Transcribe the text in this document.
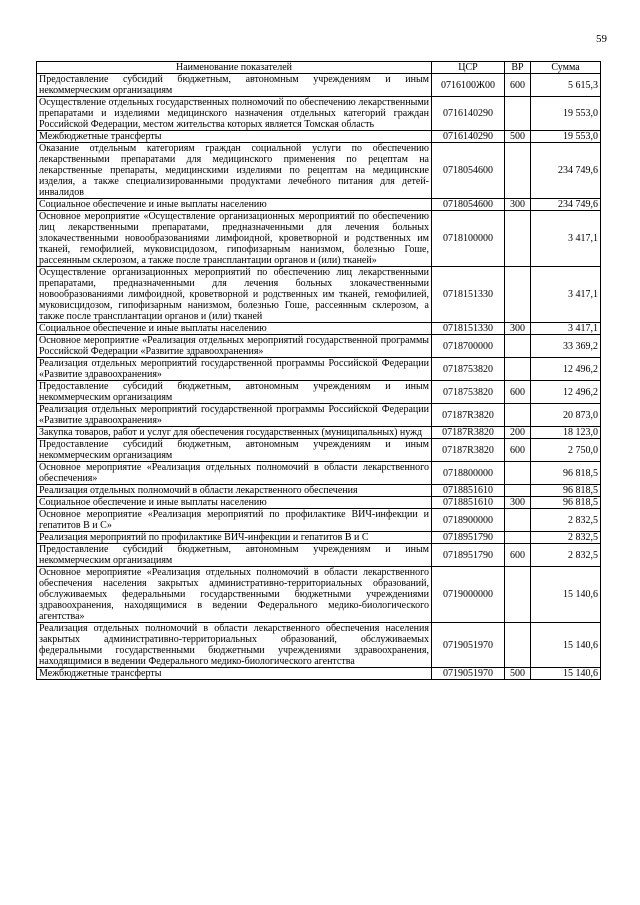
59
Наименование показателей	ЦСР	ВР	Сумма
Предоставление субсидий бюджетным, автономным учреждениям и иным некоммерческим организациям	0716100Ж00	600	5 615,3
Осуществление отдельных государственных полномочий по обеспечению лекарственными препаратами и изделиями медицинского назначения отдельных категорий граждан Российской Федерации, местом жительства которых является Томская область	0716140290		19 553,0
Межбюджетные трансферты	0716140290	500	19 553,0
Оказание отдельным категориям граждан социальной услуги по обеспечению лекарственными препаратами для медицинского применения по рецептам на лекарственные препараты, медицинскими изделиями по рецептам на медицинские изделия, а также специализированными продуктами лечебного питания для детей-инвалидов	0718054600		234 749,6
Социальное обеспечение и иные выплаты населению	0718054600	300	234 749,6
Основное мероприятие «Осуществление организационных мероприятий по обеспечению лиц лекарственными препаратами, предназначенными для лечения больных злокачественными новообразованиями лимфоидной, кроветворной и родственных им тканей, гемофилией, муковисцидозом, гипофизарным нанизмом, болезнью Гоше, рассеянным склерозом, а также после трансплантации органов и (или) тканей»	0718100000		3 417,1
Осуществление организационных мероприятий по обеспечению лиц лекарственными препаратами, предназначенными для лечения больных злокачественными новообразованиями лимфоидной, кроветворной и родственных им тканей, гемофилией, муковисцидозом, гипофизарным нанизмом, болезнью Гоше, рассеянным склерозом, а также после трансплантации органов и (или) тканей	0718151330		3 417,1
Социальное обеспечение и иные выплаты населению	0718151330	300	3 417,1
Основное мероприятие «Реализация отдельных мероприятий государственной программы Российской Федерации «Развитие здравоохранения»	0718700000		33 369,2
Реализация отдельных мероприятий государственной программы Российской Федерации «Развитие здравоохранения»	0718753820		12 496,2
Предоставление субсидий бюджетным, автономным учреждениям и иным некоммерческим организациям	0718753820	600	12 496,2
Реализация отдельных мероприятий государственной программы Российской Федерации «Развитие здравоохранения»	07187R3820		20 873,0
Закупка товаров, работ и услуг для обеспечения государственных (муниципальных) нужд	07187R3820	200	18 123,0
Предоставление субсидий бюджетным, автономным учреждениям и иным некоммерческим организациям	07187R3820	600	2 750,0
Основное мероприятие «Реализация отдельных полномочий в области лекарственного обеспечения»	0718800000		96 818,5
Реализация отдельных полномочий в области лекарственного обеспечения	0718851610		96 818,5
Социальное обеспечение и иные выплаты населению	0718851610	300	96 818,5
Основное мероприятие «Реализация мероприятий по профилактике ВИЧ-инфекции и гепатитов В и С»	0718900000		2 832,5
Реализация мероприятий по профилактике ВИЧ-инфекции и гепатитов В и С	0718951790		2 832,5
Предоставление субсидий бюджетным, автономным учреждениям и иным некоммерческим организациям	0718951790	600	2 832,5
Основное мероприятие «Реализация отдельных полномочий в области лекарственного обеспечения населения закрытых административно-территориальных образований, обслуживаемых федеральными государственными бюджетными учреждениями здравоохранения, находящимися в ведении Федерального медико-биологического агентства»	0719000000		15 140,6
Реализация отдельных полномочий в области лекарственного обеспечения населения закрытых административно-территориальных образований, обслуживаемых федеральными государственными бюджетными учреждениями здравоохранения, находящимися в ведении Федерального медико-биологического агентства	0719051970		15 140,6
Межбюджетные трансферты	0719051970	500	15 140,6
